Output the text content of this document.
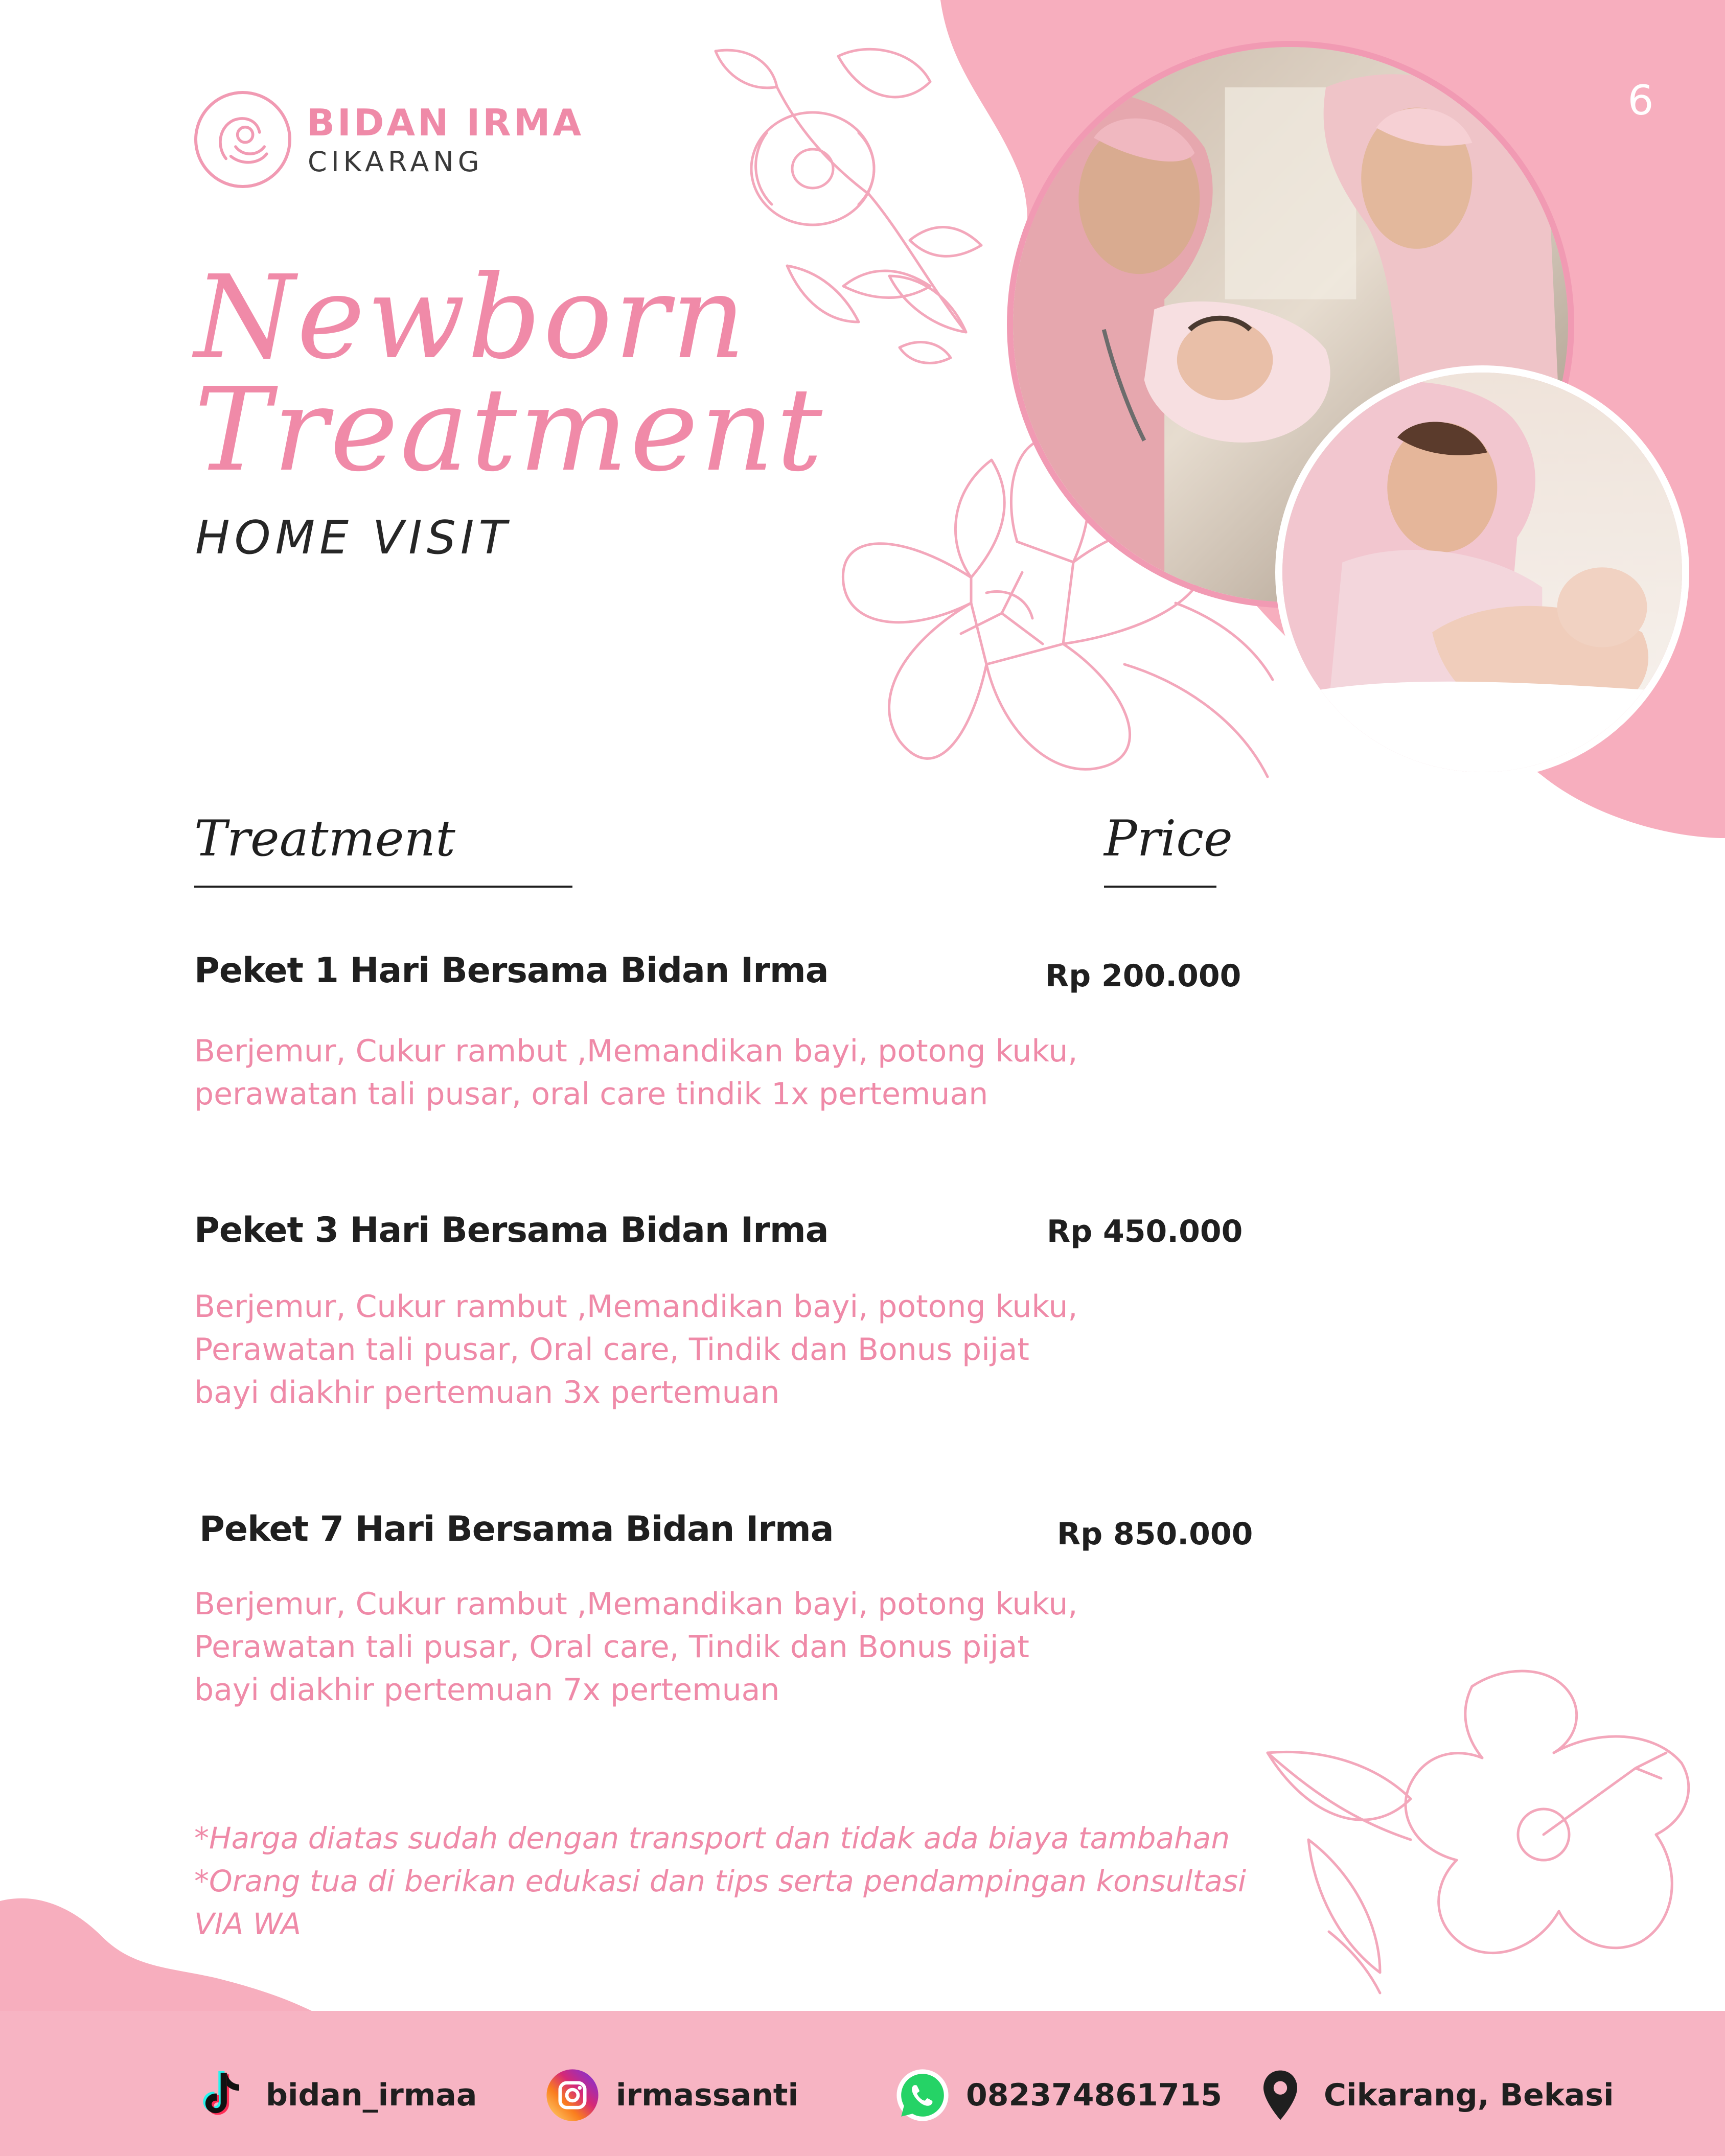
6
BIDAN IRMA
CIKARANG
Newborn
Treatment
HOME VISIT
Treatment	Price
Peket 1 Hari Bersama Bidan Irma	Rp 200.000
Berjemur, Cukur rambut ,Memandikan bayi, potong kuku,
perawatan tali pusar, oral care tindik 1x pertemuan
Peket 3 Hari Bersama Bidan Irma	Rp 450.000
Berjemur, Cukur rambut ,Memandikan bayi, potong kuku,
Perawatan tali pusar, Oral care, Tindik dan Bonus pijat
bayi diakhir pertemuan 3x pertemuan
Peket 7 Hari Bersama Bidan Irma	Rp 850.000
Berjemur, Cukur rambut ,Memandikan bayi, potong kuku,
Perawatan tali pusar, Oral care, Tindik dan Bonus pijat
bayi diakhir pertemuan 7x pertemuan
*Harga diatas sudah dengan transport dan tidak ada biaya tambahan
*Orang tua di berikan edukasi dan tips serta pendampingan konsultasi
VIA WA
bidan_irmaa	irmassanti	082374861715	Cikarang, Bekasi
